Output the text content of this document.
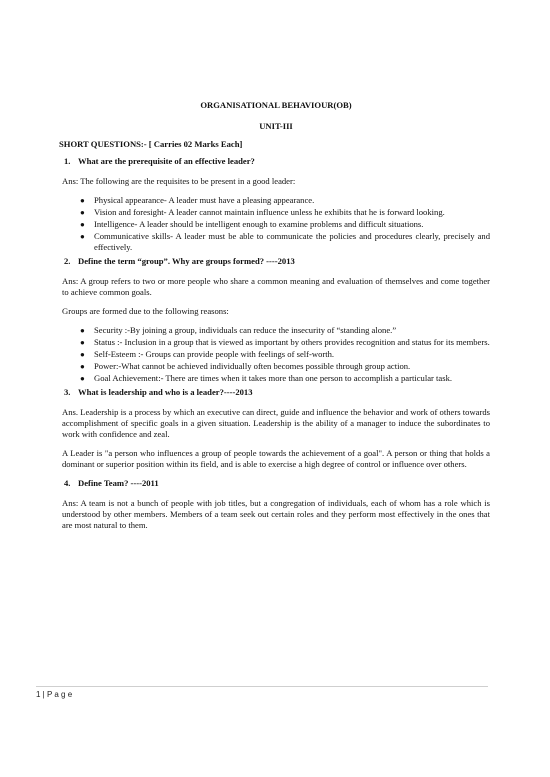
ORGANISATIONAL BEHAVIOUR(OB)

UNIT-III

SHORT QUESTIONS:- [ Carries 02 Marks Each]

1. What are the prerequisite of an effective leader?

Ans: The following are the requisites to be present in a good leader:

● Physical appearance- A leader must have a pleasing appearance.
● Vision and foresight- A leader cannot maintain influence unless he exhibits that he is forward looking.
● Intelligence- A leader should be intelligent enough to examine problems and difficult situations.
● Communicative skills- A leader must be able to communicate the policies and procedures clearly, precisely and effectively.
2. Define the term “group”. Why are groups formed? ----2013

Ans: A group refers to two or more people who share a common meaning and evaluation of themselves and come together to achieve common goals.

Groups are formed due to the following reasons:

● Security :-By joining a group, individuals can reduce the insecurity of “standing alone.”
● Status :- Inclusion in a group that is viewed as important by others provides recognition and status for its members.
● Self-Esteem :- Groups can provide people with feelings of self-worth.
● Power:-What cannot be achieved individually often becomes possible through group action.
● Goal Achievement:- There are times when it takes more than one person to accomplish a particular task.
3. What is leadership and who is a leader?----2013

Ans. Leadership is a process by which an executive can direct, guide and influence the behavior and work of others towards accomplishment of specific goals in a given situation. Leadership is the ability of a manager to induce the subordinates to work with confidence and zeal.

A Leader is "a person who influences a group of people towards the achievement of a goal". A person or thing that holds a dominant or superior position within its field, and is able to exercise a high degree of control or influence over others.

4. Define Team? ----2011

Ans: A team is not a bunch of people with job titles, but a congregation of individuals, each of whom has a role which is understood by other members. Members of a team seek out certain roles and they perform most effectively in the ones that are most natural to them.

1 | P a g e
